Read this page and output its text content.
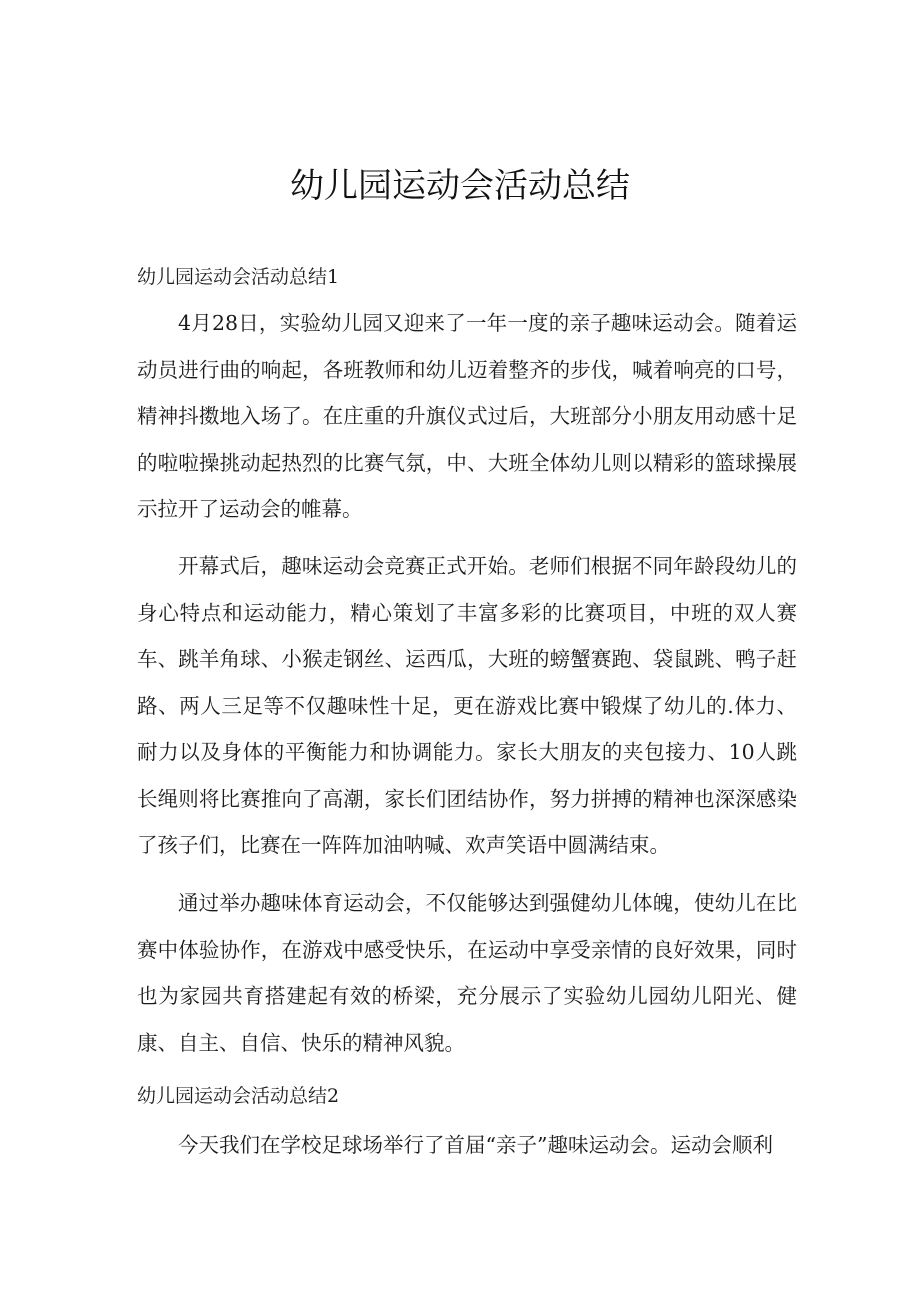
幼儿园运动会活动总结

幼儿园运动会活动总结1

4月28日，实验幼儿园又迎来了一年一度的亲子趣味运动会。随着运动员进行曲的响起，各班教师和幼儿迈着整齐的步伐，喊着响亮的口号，精神抖擞地入场了。在庄重的升旗仪式过后，大班部分小朋友用动感十足的啦啦操挑动起热烈的比赛气氛，中、大班全体幼儿则以精彩的篮球操展示拉开了运动会的帷幕。

开幕式后，趣味运动会竞赛正式开始。老师们根据不同年龄段幼儿的身心特点和运动能力，精心策划了丰富多彩的比赛项目，中班的双人赛车、跳羊角球、小猴走钢丝、运西瓜，大班的螃蟹赛跑、袋鼠跳、鸭子赶路、两人三足等不仅趣味性十足，更在游戏比赛中锻煤了幼儿的.体力、耐力以及身体的平衡能力和协调能力。家长大朋友的夹包接力、10人跳长绳则将比赛推向了高潮，家长们团结协作，努力拼搏的精神也深深感染了孩子们，比赛在一阵阵加油呐喊、欢声笑语中圆满结束。

通过举办趣味体育运动会，不仅能够达到强健幼儿体魄，使幼儿在比赛中体验协作，在游戏中感受快乐，在运动中享受亲情的良好效果，同时也为家园共育搭建起有效的桥梁，充分展示了实验幼儿园幼儿阳光、健康、自主、自信、快乐的精神风貌。

幼儿园运动会活动总结2

今天我们在学校足球场举行了首届“亲子”趣味运动会。运动会顺利
